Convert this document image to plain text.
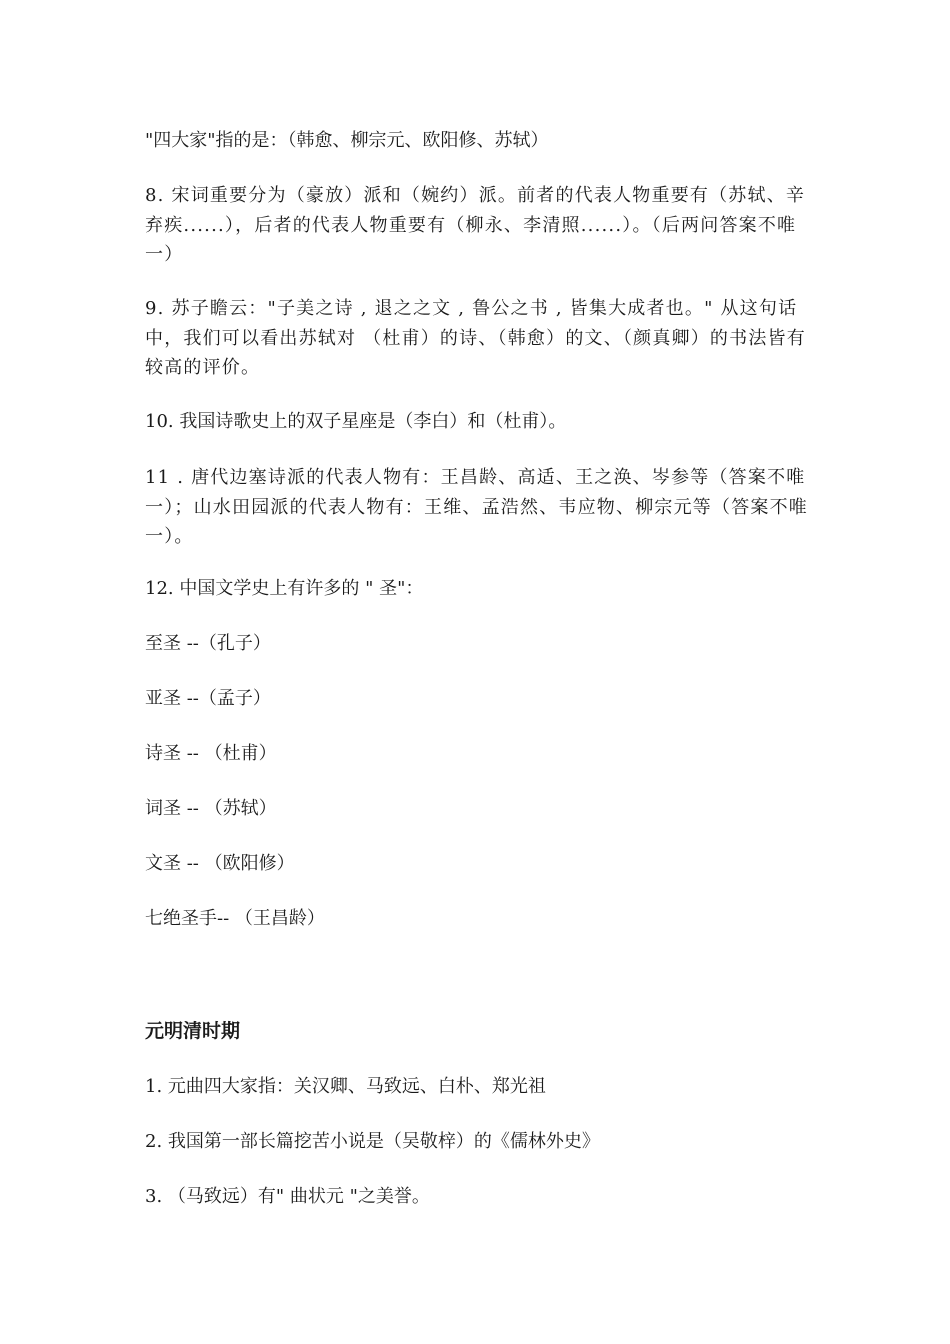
"四大家"指的是：（韩愈、柳宗元、欧阳修、苏轼）
8. 宋词重要分为（豪放）派和（婉约）派。前者的代表人物重要有（苏轼、辛弃疾......），后者的代表人物重要有（柳永、李清照......）。（后两问答案不唯一）
9. 苏子瞻云："子美之诗 , 退之之文 , 鲁公之书 , 皆集大成者也。" 从这句话中，我们可以看出苏轼对 （杜甫）的诗、（韩愈）的文、（颜真卿）的书法皆有较高的评价。
10. 我国诗歌史上的双子星座是（李白）和（杜甫）。
11 . 唐代边塞诗派的代表人物有：王昌龄、高适、王之涣、岑参等（答案不唯一）；山水田园派的代表人物有：王维、孟浩然、韦应物、柳宗元等（答案不唯一）。
12. 中国文学史上有许多的 " 圣"：
至圣 --（孔子）
亚圣 --（孟子）
诗圣 -- （杜甫）
词圣 -- （苏轼）
文圣 -- （欧阳修）
七绝圣手-- （王昌龄）
元明清时期
1. 元曲四大家指：关汉卿、马致远、白朴、郑光祖
2. 我国第一部长篇挖苦小说是（吴敬梓）的《儒林外史》
3. （马致远）有" 曲状元 "之美誉。
